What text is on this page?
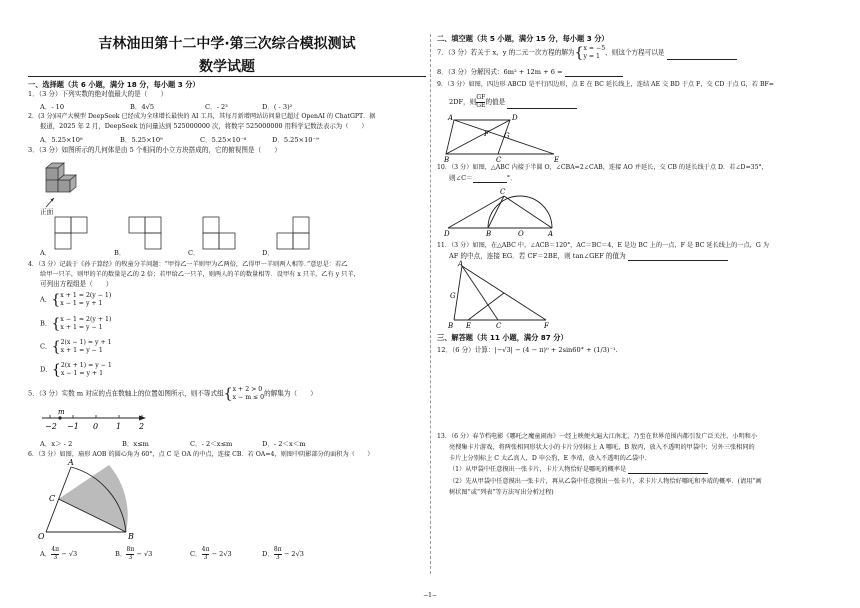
吉林油田第十二中学·第三次综合模拟测试
数学试题
一、选择题（共 6 小题，满分 18 分，每小题 3 分）
1．（3 分）下列实数的绝对值最大的是（　　）
A．- 10	B．4√5	C．- 2³	D．( - 3)²
2．(3 分)国产大模型 DeepSeek 已经成为全球增长最快的 AI 工具，其每月新增网站访问量已超过 OpenAI 的 ChatGPT．据
报道，2025 年 2 月，DeepSeek 访问量达到 525000000 次，将数字 525000000 用科学记数法表示为（　　）
A．5.25×10⁸	B．5.25×10⁹	C．5.25×10⁻⁸	D．5.25×10⁻⁹
3．（3 分）如图所示的几何体是由 5 个相同的小立方块搭成的，它的俯视图是（　　）
正面
A．	B．	C．	D．
4．（3 分）记载于《孙子算经》的牧童分羊问题：“甲得乙一羊则甲为乙两倍，乙得甲一羊则两人相等．”意思是：若乙
给甲一只羊，则甲的羊的数量是乙的 2 倍；若甲给乙一只羊，则两人的羊的数量相等．设甲有 x 只羊，乙有 y 只羊，
可列出方程组是（　　）
A．{x + 1 = 2(y − 1)
x − 1 = y + 1
B．{x − 1 = 2(y + 1)
x + 1 = y − 1
C．{2(x − 1) = y + 1
x + 1 = y − 1
D．{2(x + 1) = y − 1
x − 1 = y + 1
5．（3 分）实数 m 对应的点在数轴上的位置如图所示，则不等式组{x + 2 > 0
x − m ≤ 0的解集为（　　）
m
−2 −1 0 1 2
A．x＞ - 2	B．x≤m	C．- 2＜x≤m	D．- 2＜x＜m
6．（3 分）如图，扇形 AOB 的圆心角为 60°，点 C 是 OA 的中点，连接 CB．若 OA=4，则图中阴影部分的面积为（　　）
A
B
C
O
A． $\frac{4\pi}{3} - √3$	B． $\frac{8\pi}{3} - √3$	C． $\frac{4\pi}{3} - 2√3$	D． $\frac{8\pi}{3} - 2√3$
二、填空题（共 5 小题，满分 15 分，每小题 3 分）
7．（3 分）若关于 x，y 的二元一次方程的解为{x = −5
y = 1 ，则这个方程可以是
8．（3 分）分解因式：6m² + 12m + 6 =
9．（3 分）如图，四边形 ABCD 是平行四边形，点 E 在 BC 延长线上，连结 AE 交 BD 于点 F，交 CD 于点 G，若 BF=
2DF，则 $\frac{GF}{GE}$ 的值是
A	D
F G
B	C	E
10．（3 分）如图，△ABC 内接于半圆 O，∠CBA=2∠CAB，连接 AO 并延长，交 CB 的延长线于点 D．若∠D=35°，
则∠C＝	°．
C
A
D	B	O
11．（3 分）如图，在△ABC 中，∠ACB＝120°，AC＝BC＝4，E 是边 BC 上的一点，F 是 BC 延长线上的一点，G 为
AF 的中点，连接 EG．若 CF＝2BE，则 tan∠GEF 的值为
A
G
B	C	F
E
三、解答题（共 11 小题，满分 87 分）
12．（6 分）计算：|−√3| − (4 − π)⁰ + 2sin60° + (1/3)⁻¹.
13．（6 分）春节档电影《哪吒之魔童闹海》一经上映便火遍大江南北，乃至在世界范围内都引发广泛关注，小明和小
亮搜集卡片游戏，将两张相同形状大小的卡片分别标上 A 哪吒，B 敖丙，放入不透明的甲袋中；另外三张相同的
卡片上分别标上 C 太乙真人，D 申公豹，E 李靖，放入不透明的乙袋中．
（1）从甲袋中任意摸出一张卡片，卡片人物恰好是哪吒的概率是
（2）先从甲袋中任意摸出一张卡片，再从乙袋中任意摸出一张卡片，求卡片人物恰好哪吒和李靖的概率．(请用“画
树状图”或“列表”等方法写出分析过程)
−1−
